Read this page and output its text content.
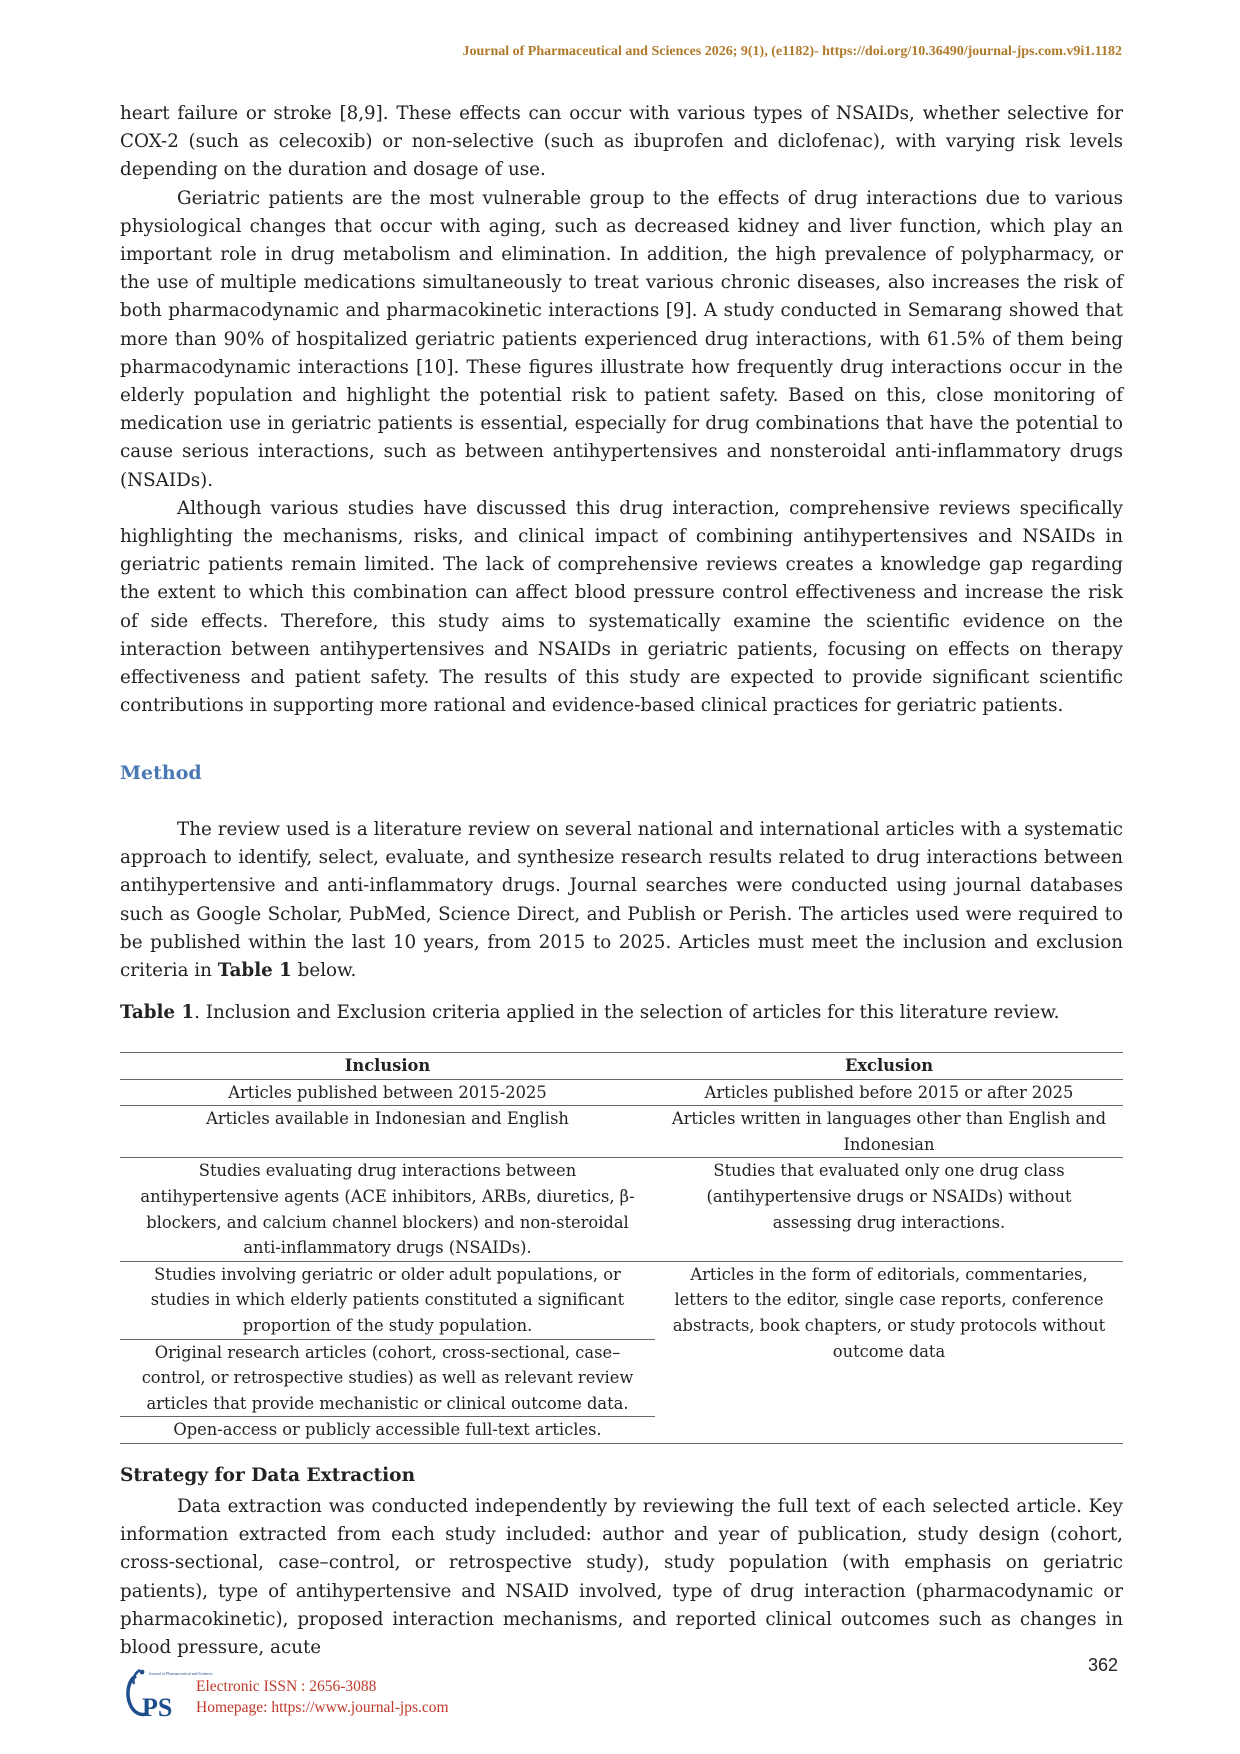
Journal of Pharmaceutical and Sciences 2026; 9(1), (e1182)- https://doi.org/10.36490/journal-jps.com.v9i1.1182

heart failure or stroke [8,9]. These effects can occur with various types of NSAIDs, whether selective for COX-2 (such as celecoxib) or non-selective (such as ibuprofen and diclofenac), with varying risk levels depending on the duration and dosage of use.

Geriatric patients are the most vulnerable group to the effects of drug interactions due to various physiological changes that occur with aging, such as decreased kidney and liver function, which play an important role in drug metabolism and elimination. In addition, the high prevalence of polypharmacy, or the use of multiple medications simultaneously to treat various chronic diseases, also increases the risk of both pharmacodynamic and pharmacokinetic interactions [9]. A study conducted in Semarang showed that more than 90% of hospitalized geriatric patients experienced drug interactions, with 61.5% of them being pharmacodynamic interactions [10]. These figures illustrate how frequently drug interactions occur in the elderly population and highlight the potential risk to patient safety. Based on this, close monitoring of medication use in geriatric patients is essential, especially for drug combinations that have the potential to cause serious interactions, such as between antihypertensives and nonsteroidal anti-inflammatory drugs (NSAIDs).

Although various studies have discussed this drug interaction, comprehensive reviews specifically highlighting the mechanisms, risks, and clinical impact of combining antihypertensives and NSAIDs in geriatric patients remain limited. The lack of comprehensive reviews creates a knowledge gap regarding the extent to which this combination can affect blood pressure control effectiveness and increase the risk of side effects. Therefore, this study aims to systematically examine the scientific evidence on the interaction between antihypertensives and NSAIDs in geriatric patients, focusing on effects on therapy effectiveness and patient safety. The results of this study are expected to provide significant scientific contributions in supporting more rational and evidence-based clinical practices for geriatric patients.

Method

The review used is a literature review on several national and international articles with a systematic approach to identify, select, evaluate, and synthesize research results related to drug interactions between antihypertensive and anti-inflammatory drugs. Journal searches were conducted using journal databases such as Google Scholar, PubMed, Science Direct, and Publish or Perish. The articles used were required to be published within the last 10 years, from 2015 to 2025. Articles must meet the inclusion and exclusion criteria in Table 1 below.

Table 1. Inclusion and Exclusion criteria applied in the selection of articles for this literature review.
Inclusion	Exclusion
Articles published between 2015-2025	Articles published before 2015 or after 2025
Articles available in Indonesian and English	Articles written in languages other than English and Indonesian
Studies evaluating drug interactions between antihypertensive agents (ACE inhibitors, ARBs, diuretics, β-blockers, and calcium channel blockers) and non-steroidal anti-inflammatory drugs (NSAIDs).	Studies that evaluated only one drug class (antihypertensive drugs or NSAIDs) without assessing drug interactions.
Studies involving geriatric or older adult populations, or studies in which elderly patients constituted a significant proportion of the study population.	Articles in the form of editorials, commentaries, letters to the editor, single case reports, conference abstracts, book chapters, or study protocols without outcome data
Original research articles (cohort, cross-sectional, case–control, or retrospective studies) as well as relevant review articles that provide mechanistic or clinical outcome data.	
Open-access or publicly accessible full-text articles.	
Strategy for Data Extraction

Data extraction was conducted independently by reviewing the full text of each selected article. Key information extracted from each study included: author and year of publication, study design (cohort, cross-sectional, case–control, or retrospective study), study population (with emphasis on geriatric patients), type of antihypertensive and NSAID involved, type of drug interaction (pharmacodynamic or pharmacokinetic), proposed interaction mechanisms, and reported clinical outcomes such as changes in blood pressure, acute

362
Journal of Pharmaceutical and Sciences
PS
Electronic ISSN : 2656-3088
Homepage: https://www.journal-jps.com
